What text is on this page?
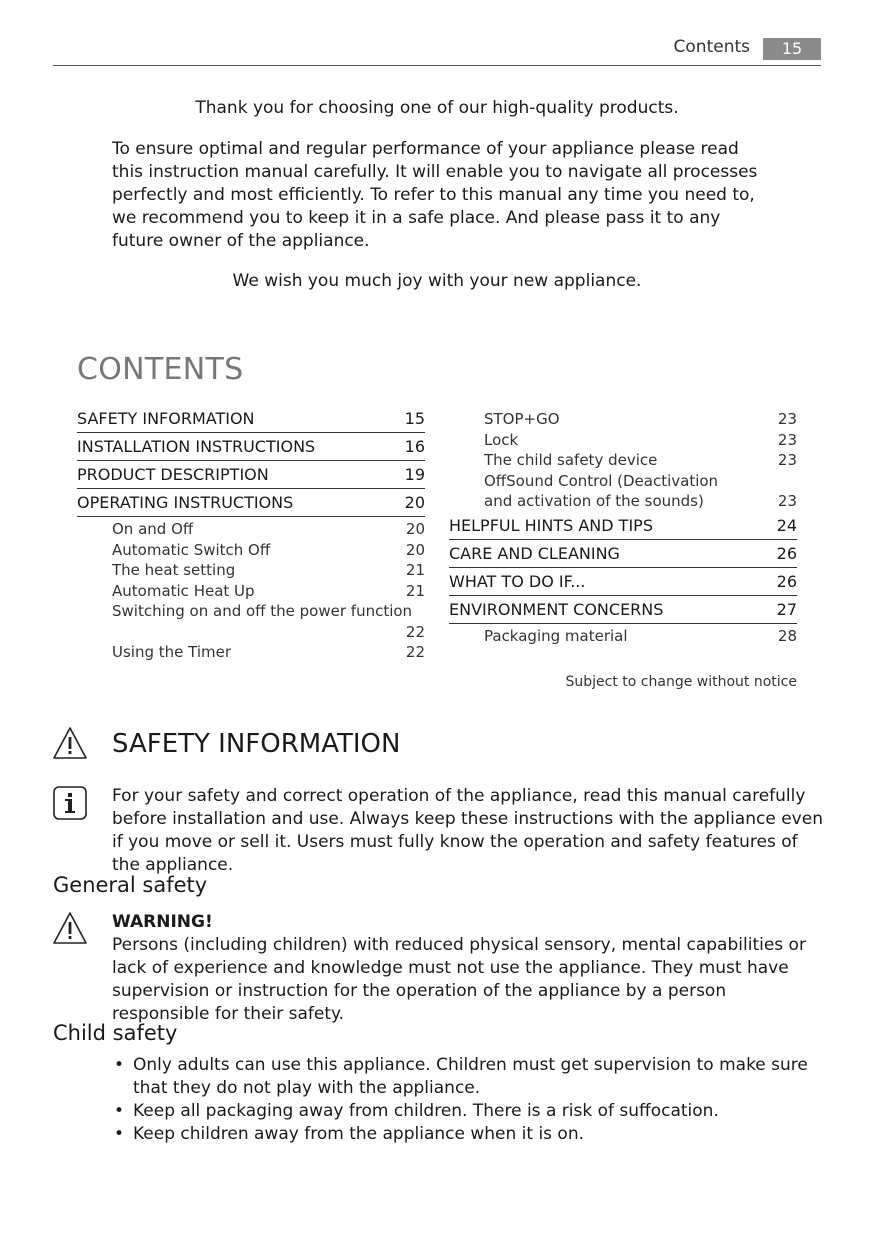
Contents	15

Thank you for choosing one of our high-quality products.

To ensure optimal and regular performance of your appliance please read this instruction manual carefully. It will enable you to navigate all processes perfectly and most efficiently. To refer to this manual any time you need to, we recommend you to keep it in a safe place. And please pass it to any future owner of the appliance.

We wish you much joy with your new appliance.

CONTENTS
SAFETY INFORMATION	15
INSTALLATION INSTRUCTIONS	16
PRODUCT DESCRIPTION	19
OPERATING INSTRUCTIONS	20
On and Off	20
Automatic Switch Off	20
The heat setting	21
Automatic Heat Up	21
Switching on and off the power function
22
Using the Timer	22
STOP+GO	23
Lock	23
The child safety device	23
OffSound Control (Deactivation and activation of the sounds)	23
HELPFUL HINTS AND TIPS	24
CARE AND CLEANING	26
WHAT TO DO IF...	26
ENVIRONMENT CONCERNS	27
Packaging material	28
Subject to change without notice
SAFETY INFORMATION

For your safety and correct operation of the appliance, read this manual carefully before installation and use. Always keep these instructions with the appliance even if you move or sell it. Users must fully know the operation and safety features of the appliance.

General safety
WARNING!

Persons (including children) with reduced physical sensory, mental capabilities or lack of experience and knowledge must not use the appliance. They must have supervision or instruction for the operation of the appliance by a person responsible for their safety.

Child safety
• Only adults can use this appliance. Children must get supervision to make sure that they do not play with the appliance.
• Keep all packaging away from children. There is a risk of suffocation.
• Keep children away from the appliance when it is on.
